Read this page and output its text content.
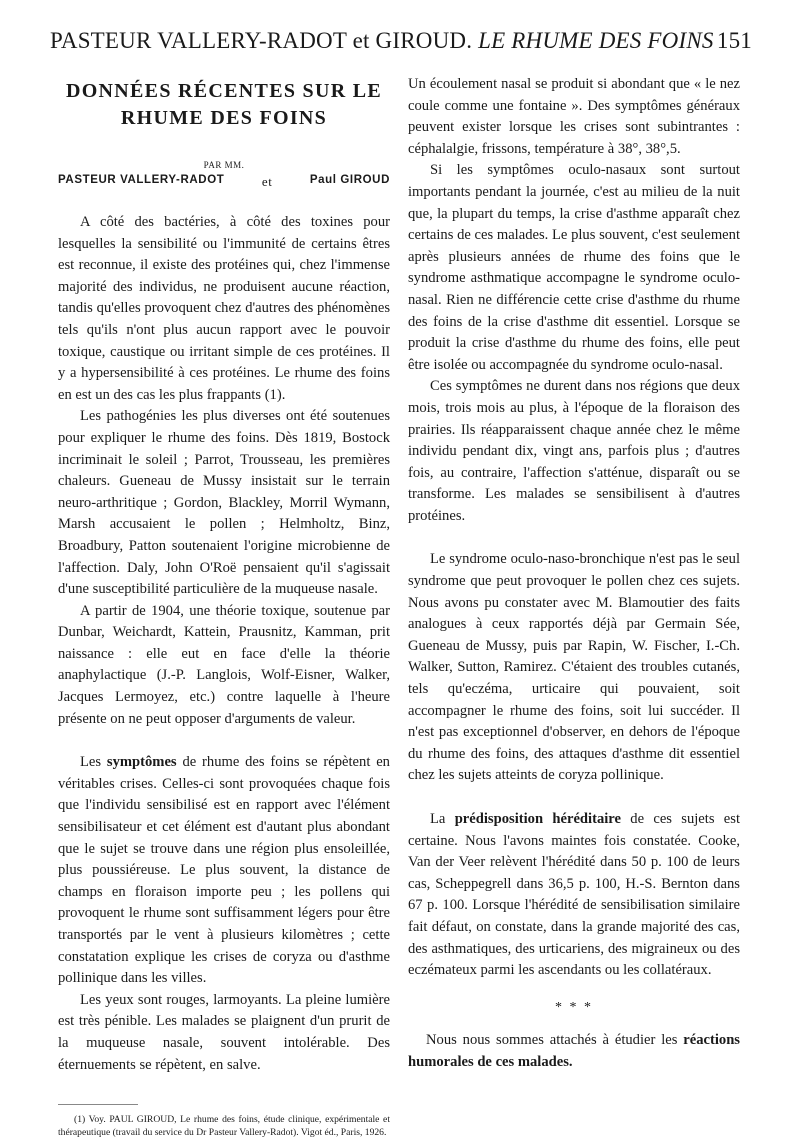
PASTEUR VALLERY-RADOT et GIROUD. LE RHUME DES FOINS 151
DONNÉES RÉCENTES SUR LE
RHUME DES FOINS
PAR MM.
PASTEUR VALLERY-RADOT	et	Paul GIROUD

A côté des bactéries, à côté des toxines pour lesquelles la sensibilité ou l'immunité de certains êtres est reconnue, il existe des protéines qui, chez l'immense majorité des individus, ne produisent aucune réaction, tandis qu'elles provoquent chez d'autres des phénomènes tels qu'ils n'ont plus aucun rapport avec le pouvoir toxique, caustique ou irritant simple de ces protéines. Il y a hypersensibilité à ces protéines. Le rhume des foins en est un des cas les plus frappants (1).

Les pathogénies les plus diverses ont été soutenues pour expliquer le rhume des foins. Dès 1819, Bostock incriminait le soleil ; Parrot, Trousseau, les premières chaleurs. Gueneau de Mussy insistait sur le terrain neuro-arthritique ; Gordon, Blackley, Morril Wymann, Marsh accusaient le pollen ; Helmholtz, Binz, Broadbury, Patton soutenaient l'origine microbienne de l'affection. Daly, John O'Roë pensaient qu'il s'agissait d'une susceptibilité particulière de la muqueuse nasale.

A partir de 1904, une théorie toxique, soutenue par Dunbar, Weichardt, Kattein, Prausnitz, Kamman, prit naissance : elle eut en face d'elle la théorie anaphylactique (J.-P. Langlois, Wolf-Eisner, Walker, Jacques Lermoyez, etc.) contre laquelle à l'heure présente on ne peut opposer d'arguments de valeur.

Les symptômes de rhume des foins se répètent en véritables crises. Celles-ci sont provoquées chaque fois que l'individu sensibilisé est en rapport avec l'élément sensibilisateur et cet élément est d'autant plus abondant que le sujet se trouve dans une région plus ensoleillée, plus poussiéreuse. Le plus souvent, la distance de champs en floraison importe peu ; les pollens qui provoquent le rhume sont suffisamment légers pour être transportés par le vent à plusieurs kilomètres ; cette constatation explique les crises de coryza ou d'asthme pollinique dans les villes.

Les yeux sont rouges, larmoyants. La pleine lumière est très pénible. Les malades se plaignent d'un prurit de la muqueuse nasale, souvent intolérable. Des éternuements se répètent, en salve.

(1) Voy. PAUL GIROUD, Le rhume des foins, étude clinique, expérimentale et thérapeutique (travail du service du Dr Pasteur Vallery-Radot). Vigot éd., Paris, 1926.

Un écoulement nasal se produit si abondant que « le nez coule comme une fontaine ». Des symptômes généraux peuvent exister lorsque les crises sont subintrantes : céphalalgie, frissons, température à 38°, 38°,5.

Si les symptômes oculo-nasaux sont surtout importants pendant la journée, c'est au milieu de la nuit que, la plupart du temps, la crise d'asthme apparaît chez certains de ces malades. Le plus souvent, c'est seulement après plusieurs années de rhume des foins que le syndrome asthmatique accompagne le syndrome oculo-nasal. Rien ne différencie cette crise d'asthme du rhume des foins de la crise d'asthme dit essentiel. Lorsque se produit la crise d'asthme du rhume des foins, elle peut être isolée ou accompagnée du syndrome oculo-nasal.

Ces symptômes ne durent dans nos régions que deux mois, trois mois au plus, à l'époque de la floraison des prairies. Ils réapparaissent chaque année chez le même individu pendant dix, vingt ans, parfois plus ; d'autres fois, au contraire, l'affection s'atténue, disparaît ou se transforme. Les malades se sensibilisent à d'autres protéines.

Le syndrome oculo-naso-bronchique n'est pas le seul syndrome que peut provoquer le pollen chez ces sujets. Nous avons pu constater avec M. Blamoutier des faits analogues à ceux rapportés déjà par Germain Sée, Gueneau de Mussy, puis par Rapin, W. Fischer, I.-Ch. Walker, Sutton, Ramirez. C'étaient des troubles cutanés, tels qu'eczéma, urticaire qui pouvaient, soit accompagner le rhume des foins, soit lui succéder. Il n'est pas exceptionnel d'observer, en dehors de l'époque du rhume des foins, des attaques d'asthme dit essentiel chez les sujets atteints de coryza pollinique.

La prédisposition héréditaire de ces sujets est certaine. Nous l'avons maintes fois constatée. Cooke, Van der Veer relèvent l'hérédité dans 50 p. 100 de leurs cas, Scheppegrell dans 36,5 p. 100, H.-S. Bernton dans 67 p. 100. Lorsque l'hérédité de sensibilisation similaire fait défaut, on constate, dans la grande majorité des cas, des asthmatiques, des urticariens, des migraineux ou des eczémateux parmi les ascendants ou les collatéraux.

* * *

Nous nous sommes attachés à étudier les réactions humorales de ces malades.
